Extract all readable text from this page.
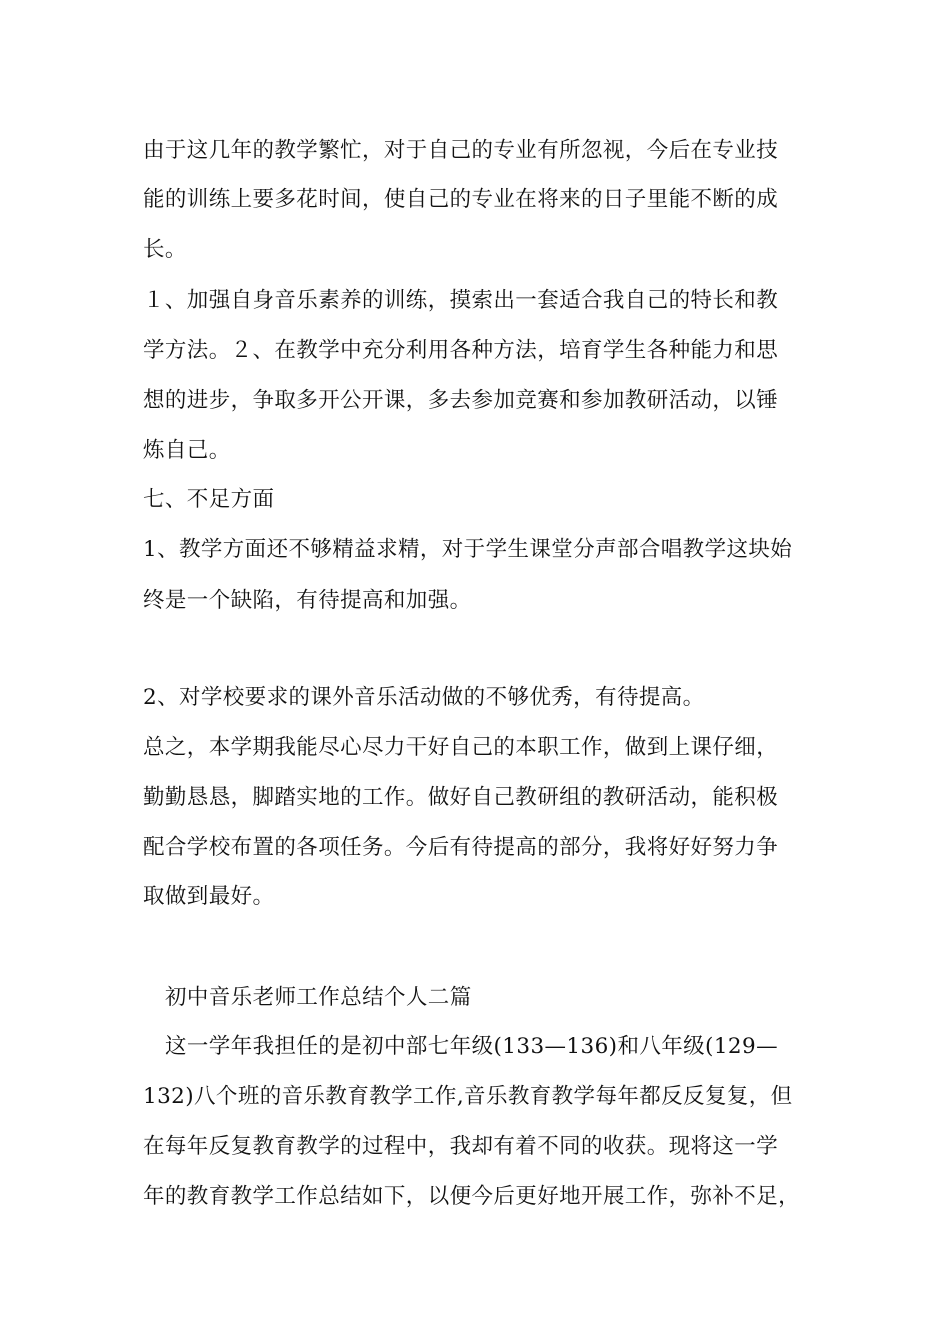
由于这几年的教学繁忙，对于自己的专业有所忽视，今后在专业技
能的训练上要多花时间，使自己的专业在将来的日子里能不断的成
长。
１、加强自身音乐素养的训练，摸索出一套适合我自己的特长和教
学方法。２、在教学中充分利用各种方法，培育学生各种能力和思
想的进步，争取多开公开课，多去参加竞赛和参加教研活动，以锤
炼自己。
七、不足方面
1、教学方面还不够精益求精，对于学生课堂分声部合唱教学这块始
终是一个缺陷，有待提高和加强。
2、对学校要求的课外音乐活动做的不够优秀，有待提高。
总之，本学期我能尽心尽力干好自己的本职工作，做到上课仔细，
勤勤恳恳，脚踏实地的工作。做好自己教研组的教研活动，能积极
配合学校布置的各项任务。今后有待提高的部分，我将好好努力争
取做到最好。
初中音乐老师工作总结个人二篇
这一学年我担任的是初中部七年级(133—136)和八年级(129—
132)八个班的音乐教育教学工作,音乐教育教学每年都反反复复，但
在每年反复教育教学的过程中，我却有着不同的收获。现将这一学
年的教育教学工作总结如下，以便今后更好地开展工作，弥补不足，
